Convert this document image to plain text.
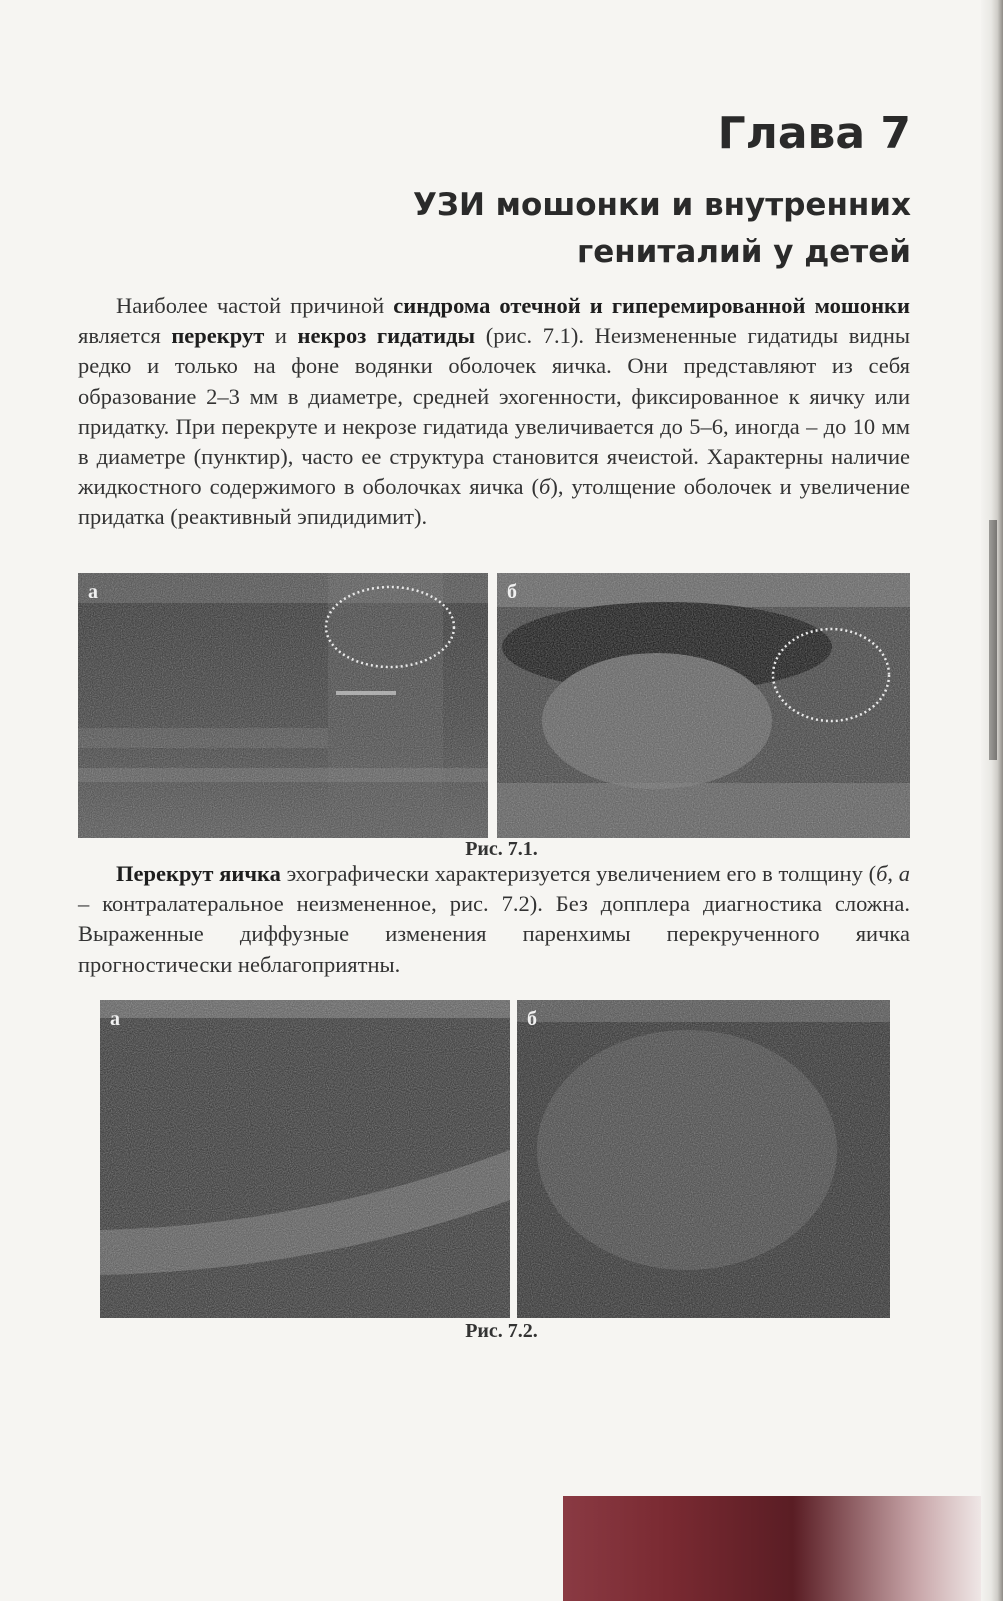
Глава 7
УЗИ мошонки и внутренних
гениталий у детей

Наиболее частой причиной синдрома отечной и гиперемированной мошонки является перекрут и некроз гидатиды (рис. 7.1). Неизмененные гидатиды видны редко и только на фоне водянки оболочек яичка. Они представляют из себя образование 2–3 мм в диаметре, средней эхогенности, фиксированное к яичку или придатку. При перекруте и некрозе гидатида увеличивается до 5–6, иногда – до 10 мм в диаметре (пунктир), часто ее структура становится ячеистой. Характерны наличие жидкостного содержимого в оболочках яичка (б), утолщение оболочек и увеличение придатка (реактивный эпидидимит).

а	б
Рис. 7.1.

Перекрут яичка эхографически характеризуется увеличением его в толщину (б, а – контралатеральное неизмененное, рис. 7.2). Без допплера диагностика сложна. Выраженные диффузные изменения паренхимы перекрученного яичка прогностически неблагоприятны.

а	б
Рис. 7.2.
